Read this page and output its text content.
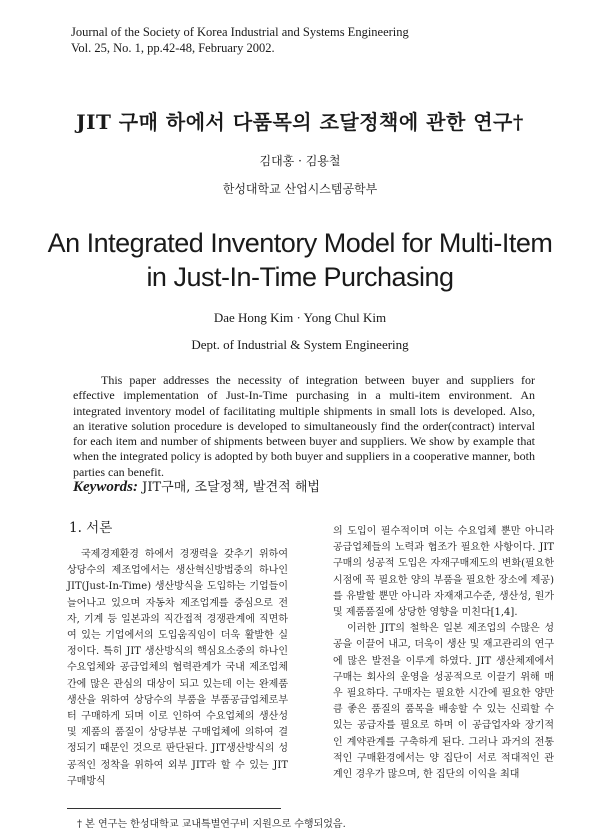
Journal of the Society of Korea Industrial and Systems Engineering
Vol. 25, No. 1, pp.42-48, February 2002.
JIT 구매 하에서 다품목의 조달정책에 관한 연구†
김대홍 · 김용철
한성대학교 산업시스템공학부
An Integrated Inventory Model for Multi-Item
in Just-In-Time Purchasing
Dae Hong Kim · Yong Chul Kim
Dept. of Industrial & System Engineering

This paper addresses the necessity of integration between buyer and suppliers for effective implementation of Just-In-Time purchasing in a multi-item environment. An integrated inventory model of facilitating multiple shipments in small lots is developed. Also, an iterative solution procedure is developed to simultaneously find the order(contract) interval for each item and number of shipments between buyer and suppliers. We show by example that when the integrated policy is adopted by both buyer and suppliers in a cooperative manner, both parties can benefit.

Keywords: JIT구매, 조달정책, 발견적 해법
1. 서론

국제경제환경 하에서 경쟁력을 갖추기 위하여 상당수의 제조업에서는 생산혁신방법중의 하나인 JIT(Just-In-Time) 생산방식을 도입하는 기업들이 늘어나고 있으며 자동차 제조업계를 중심으로 전자, 기계 등 일본과의 직간접적 경쟁관계에 직면하여 있는 기업에서의 도입움직임이 더욱 활발한 실정이다. 특히 JIT 생산방식의 핵심요소중의 하나인 수요업체와 공급업체의 협력관계가 국내 제조업체간에 많은 관심의 대상이 되고 있는데 이는 완제품 생산을 위하여 상당수의 부품을 부품공급업체로부터 구매하게 되며 이로 인하여 수요업체의 생산성 및 제품의 품질이 상당부분 구매업체에 의하여 결정되기 때문인 것으로 판단된다. JIT생산방식의 성공적인 정착을 위하여 외부 JIT라 할 수 있는 JIT 구매방식

의 도입이 필수적이며 이는 수요업체 뿐만 아니라 공급업체들의 노력과 협조가 필요한 사항이다. JIT 구매의 성공적 도입은 자재구매제도의 변화(필요한 시점에 꼭 필요한 양의 부품을 필요한 장소에 제공)를 유발할 뿐만 아니라 자재재고수준, 생산성, 원가 및 제품품질에 상당한 영향을 미친다[1,4].

이러한 JIT의 철학은 일본 제조업의 수많은 성공을 이끌어 내고, 더욱이 생산 및 재고관리의 연구에 많은 발전을 이루게 하였다. JIT 생산체제에서 구매는 회사의 운영을 성공적으로 이끌기 위해 매우 필요하다. 구매자는 필요한 시간에 필요한 양만큼 좋은 품질의 품목을 배송할 수 있는 신뢰할 수 있는 공급자를 필요로 하며 이 공급업자와 장기적인 계약관계를 구축하게 된다. 그러나 과거의 전통적인 구매환경에서는 양 집단이 서로 적대적인 관계인 경우가 많으며, 한 집단의 이익을 최대

† 본 연구는 한성대학교 교내특별연구비 지원으로 수행되었음.
